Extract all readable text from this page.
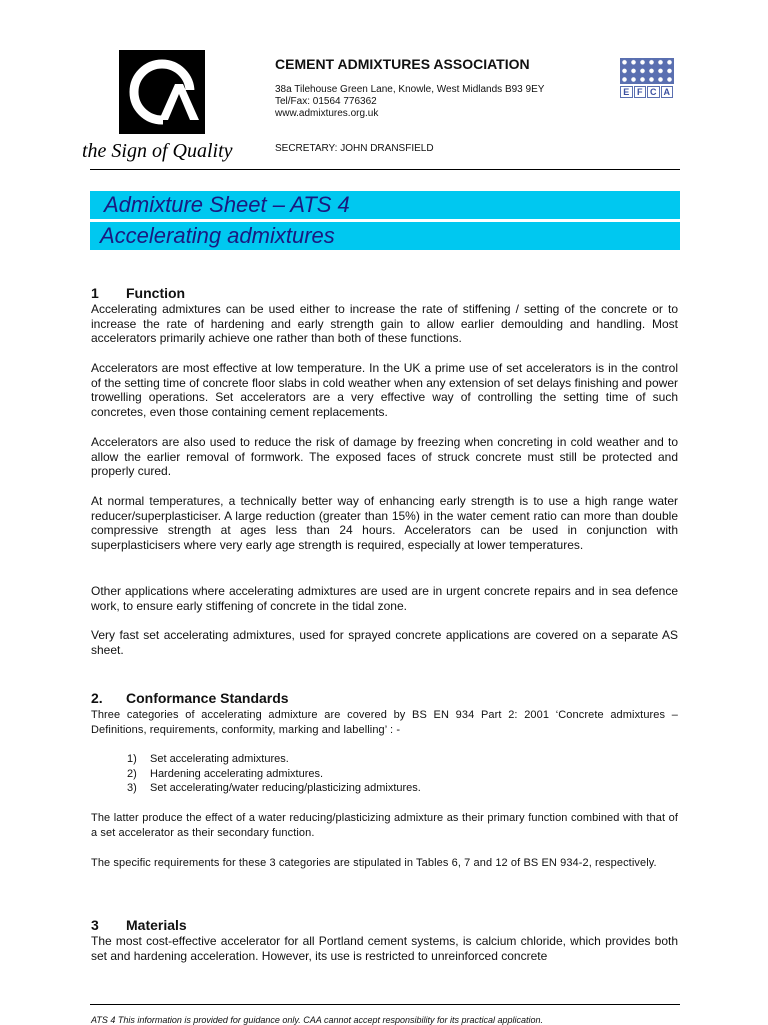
the Sign of Quality
CEMENT ADMIXTURES ASSOCIATION
38a Tilehouse Green Lane, Knowle, West Midlands B93 9EY
Tel/Fax: 01564 776362
www.admixtures.org.uk
SECRETARY: JOHN DRANSFIELD
E F C A
Admixture Sheet – ATS 4
Accelerating admixtures
1 Function

Accelerating admixtures can be used either to increase the rate of stiffening / setting of the concrete or to increase the rate of hardening and early strength gain to allow earlier demoulding and handling. Most accelerators primarily achieve one rather than both of these functions.

Accelerators are most effective at low temperature. In the UK a prime use of set accelerators is in the control of the setting time of concrete floor slabs in cold weather when any extension of set delays finishing and power trowelling operations. Set accelerators are a very effective way of controlling the setting time of such concretes, even those containing cement replacements.

Accelerators are also used to reduce the risk of damage by freezing when concreting in cold weather and to allow the earlier removal of formwork. The exposed faces of struck concrete must still be protected and properly cured.

At normal temperatures, a technically better way of enhancing early strength is to use a high range water reducer/superplasticiser. A large reduction (greater than 15%) in the water cement ratio can more than double compressive strength at ages less than 24 hours. Accelerators can be used in conjunction with superplasticisers where very early age strength is required, especially at lower temperatures.

Other applications where accelerating admixtures are used are in urgent concrete repairs and in sea defence work, to ensure early stiffening of concrete in the tidal zone.

Very fast set accelerating admixtures, used for sprayed concrete applications are covered on a separate AS sheet.

2. Conformance Standards

Three categories of accelerating admixture are covered by BS EN 934 Part 2: 2001 ‘Concrete admixtures – Definitions, requirements, conformity, marking and labelling’ : -

1) Set accelerating admixtures.
2) Hardening accelerating admixtures.
3) Set accelerating/water reducing/plasticizing admixtures.

The latter produce the effect of a water reducing/plasticizing admixture as their primary function combined with that of a set accelerator as their secondary function.

The specific requirements for these 3 categories are stipulated in Tables 6, 7 and 12 of BS EN 934-2, respectively.

3 Materials

The most cost-effective accelerator for all Portland cement systems, is calcium chloride, which provides both set and hardening acceleration. However, its use is restricted to unreinforced concrete

ATS 4 This information is provided for guidance only. CAA cannot accept responsibility for its practical application.
